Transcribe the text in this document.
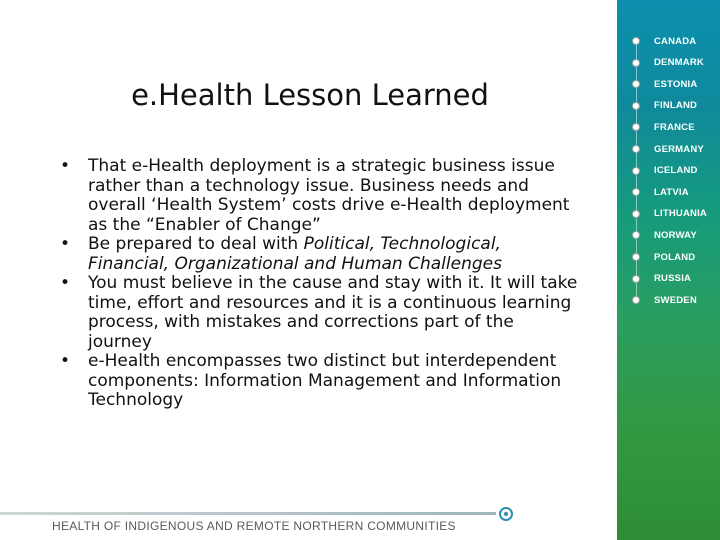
CANADA
DENMARK
ESTONIA
FINLAND
FRANCE
GERMANY
ICELAND
LATVIA
LITHUANIA
NORWAY
POLAND
RUSSIA
SWEDEN
e.Health Lesson Learned
• That e-Health deployment is a strategic business issue rather than a technology issue. Business needs and overall ‘Health System’ costs drive e-Health deployment as the “Enabler of Change”
• Be prepared to deal with Political, Technological, Financial, Organizational and Human Challenges
• You must believe in the cause and stay with it. It will take time, effort and resources and it is a continuous learning process, with mistakes and corrections part of the journey
• e-Health encompasses two distinct but interdependent components: Information Management and Information Technology
HEALTH OF INDIGENOUS AND REMOTE NORTHERN COMMUNITIES
